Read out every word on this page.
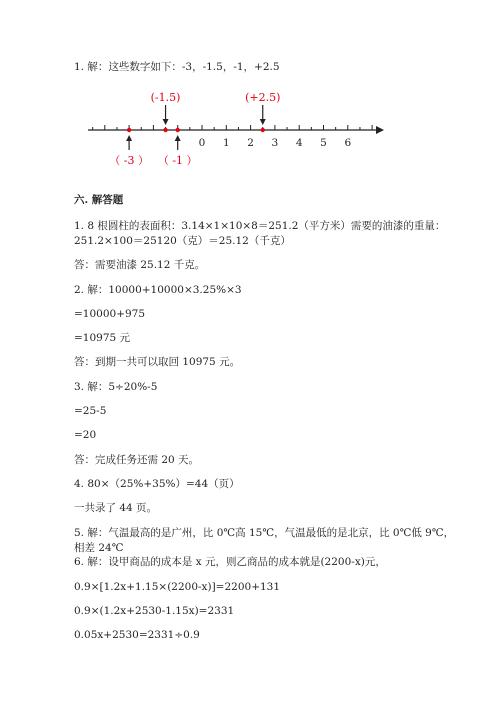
1. 解：这些数字如下：-3，-1.5，-1，+2.5
0 1 2 3 4 5 6
（ -3 ）
(-1.5)
（ -1 ）
(+2.5)
六. 解答题
1. 8 根圆柱的表面积：3.14×1×10×8＝251.2（平方米）需要的油漆的重量：
251.2×100＝25120（克）＝25.12（千克）
答：需要油漆 25.12 千克。
2. 解：10000+10000×3.25%×3
=10000+975
=10975 元
答：到期一共可以取回 10975 元。
3. 解：5÷20%-5
=25-5
=20
答：完成任务还需 20 天。
4. 80×（25%+35%）=44（页）
一共录了 44 页。
5. 解：气温最高的是广州，比 0℃高 15℃，气温最低的是北京，比 0℃低 9℃，
相差 24℃
6. 解：设甲商品的成本是 x 元，则乙商品的成本就是(2200-x)元，
0.9×[1.2x+1.15×(2200-x)]=2200+131
0.9×(1.2x+2530-1.15x)=2331
0.05x+2530=2331÷0.9
